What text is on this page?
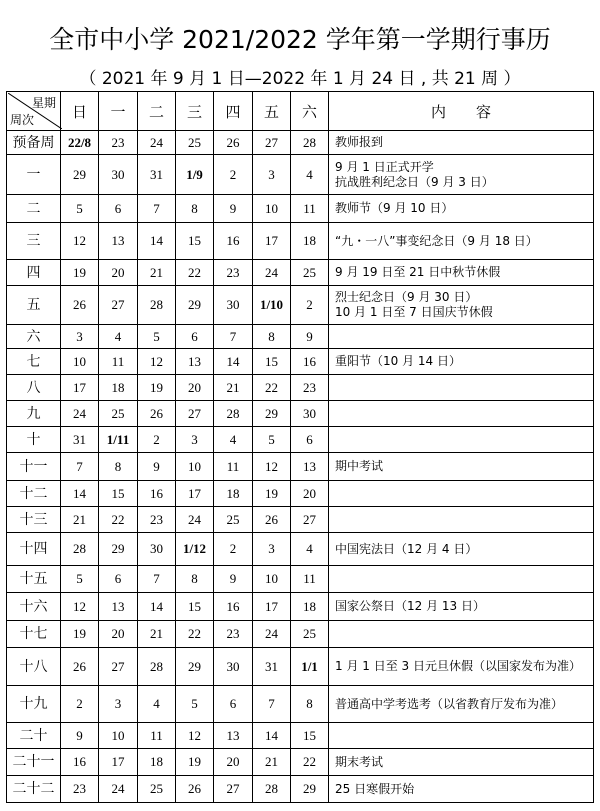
全市中小学 2021/2022 学年第一学期行事历
（ 2021 年 9 月 1 日—2022 年 1 月 24 日 , 共 21 周 ）
星期
周次	日	一	二	三	四	五	六	内　　容
预备周	22/8	23	24	25	26	27	28	教师报到

一	29	30	31	1/9	2	3	4	9 月 1 日正式开学
抗战胜利纪念日（9 月 3 日）

二	5	6	7	8	9	10	11	教师节（9 月 10 日）

三	12	13	14	15	16	17	18	“九・一八”事变纪念日（9 月 18 日）

四	19	20	21	22	23	24	25	9 月 19 日至 21 日中秋节休假

五	26	27	28	29	30	1/10	2	烈士纪念日（9 月 30 日）
10 月 1 日至 7 日国庆节休假

六	3	4	5	6	7	8	9	
七	10	11	12	13	14	15	16	重阳节（10 月 14 日）

八	17	18	19	20	21	22	23	
九	24	25	26	27	28	29	30	
十	31	1/11	2	3	4	5	6	
十一	7	8	9	10	11	12	13	期中考试

十二	14	15	16	17	18	19	20	
十三	21	22	23	24	25	26	27	
十四	28	29	30	1/12	2	3	4	中国宪法日（12 月 4 日）

十五	5	6	7	8	9	10	11	
十六	12	13	14	15	16	17	18	国家公祭日（12 月 13 日）

十七	19	20	21	22	23	24	25	
十八	26	27	28	29	30	31	1/1	1 月 1 日至 3 日元旦休假（以国家发布为准）

十九	2	3	4	5	6	7	8	普通高中学考选考（以省教育厅发布为准）

二十	9	10	11	12	13	14	15	
二十一	16	17	18	19	20	21	22	期末考试

二十二	23	24	25	26	27	28	29	25 日寒假开始
